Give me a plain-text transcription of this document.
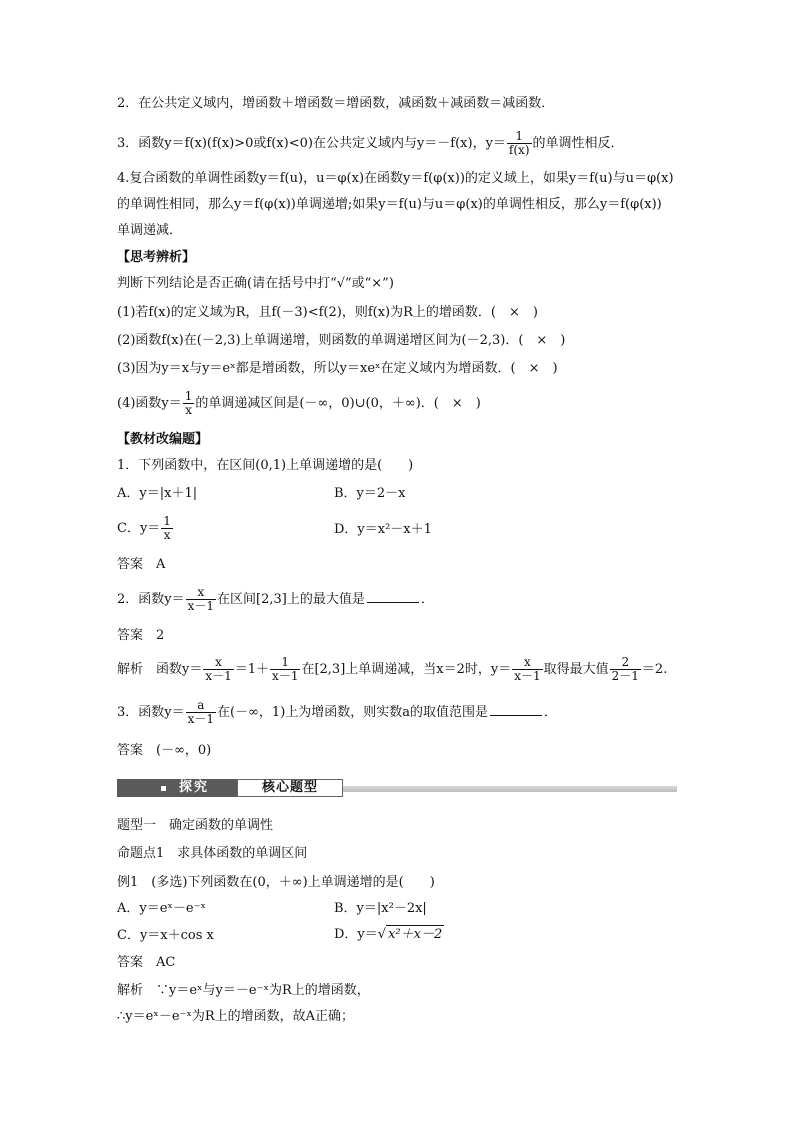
2．在公共定义域内，增函数＋增函数＝增函数，减函数＋减函数＝减函数．
3．函数y＝f(x)(f(x)>0或f(x)<0)在公共定义域内与y＝－f(x)，$y= \frac{1}{f(x)}$ 的单调性相反．
4.复合函数的单调性函数y＝f(u)，u＝φ(x)在函数y＝f(φ(x))的定义域上，如果y＝f(u)与u＝φ(x)
的单调性相同，那么y＝f(φ(x))单调递增;如果y＝f(u)与u＝φ(x)的单调性相反，那么y＝f(φ(x))
单调递减．
【思考辨析】
判断下列结论是否正确(请在括号中打“√”或“×”)
(1)若f(x)的定义域为R，且f(－3)<f(2)，则f(x)为R上的增函数．(　×　)
(2)函数f(x)在(－2,3)上单调递增，则函数的单调递增区间为(－2,3)．(　×　)
(3)因为y＝x与y＝eˣ都是增函数，所以y＝xeˣ在定义域内为增函数．(　×　)
(4)函数$y= \frac{1}{x}$ 的单调递减区间是(－∞，0)∪(0，＋∞)．(　×　)
【教材改编题】
1．下列函数中，在区间(0,1)上单调递增的是(　　)
A．y＝|x＋1|	B．y＝2－x
C．$y= \frac{1}{x}$	D．y＝x²－x＋1
答案　A
2．函数$y= \frac{x}{x-1}$ 在区间[2,3]上的最大值是	．
答案　2
解析　函数$y= \frac{x}{x-1} =1+ \frac{1}{x-1}$ 在[2,3]上单调递减，当x＝2时，$y= \frac{x}{x-1}$ 取得最大值 $\frac{2}{2-1} =2$.
3．函数$y= \frac{a}{x-1}$ 在(－∞，1)上为增函数，则实数a的取值范围是	．
答案　(－∞，0)
探究	核心题型
题型一　确定函数的单调性
命题点1　求具体函数的单调区间
例1　(多选)下列函数在(0，＋∞)上单调递增的是(　　)
A．y＝eˣ－e⁻ˣ	B．y＝|x²－2x|
C．y＝x＋cos x	D．y＝√ x²＋x－2
答案　AC
解析　∵y＝eˣ与y＝－e⁻ˣ为R上的增函数，
∴y＝eˣ－e⁻ˣ为R上的增函数，故A正确；
